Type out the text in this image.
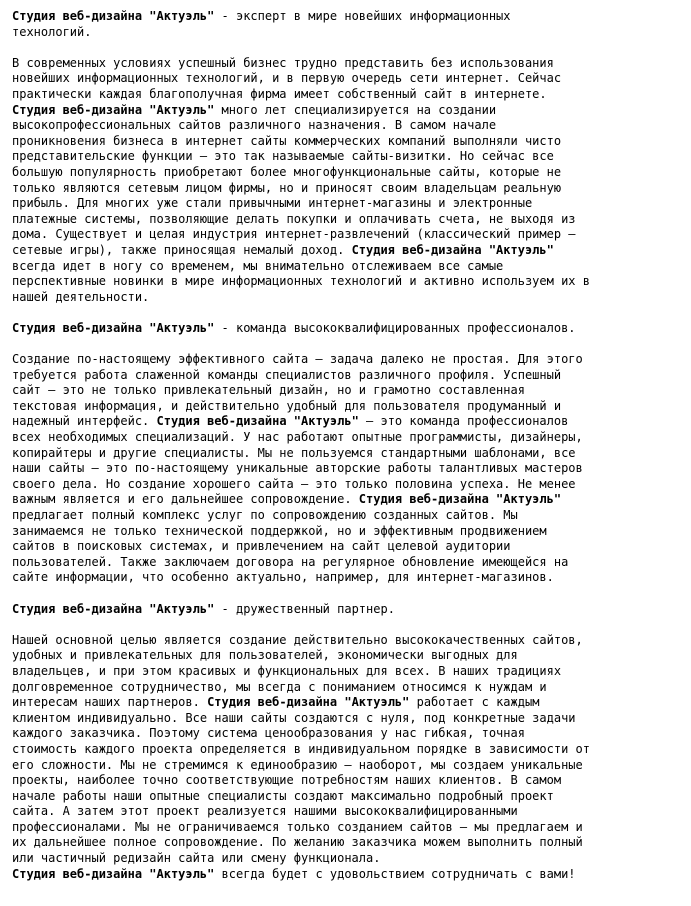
Студия веб-дизайна "Актуэль" - эксперт в мире новейших информационных
технологий.

В современных условиях успешный бизнес трудно представить без использования
новейших информационных технологий, и в первую очередь сети интернет. Сейчас
практически каждая благополучная фирма имеет собственный сайт в интернете.
Студия веб-дизайна "Актуэль" много лет специализируется на создании
высокопрофессиональных сайтов различного назначения. В самом начале
проникновения бизнеса в интернет сайты коммерческих компаний выполняли чисто
представительские функции — это так называемые сайты-визитки. Но сейчас все
большую популярность приобретают более многофункциональные сайты, которые не
только являются сетевым лицом фирмы, но и приносят своим владельцам реальную
прибыль. Для многих уже стали привычными интернет-магазины и электронные
платежные системы, позволяющие делать покупки и оплачивать счета, не выходя из
дома. Существует и целая индустрия интернет-развлечений (классический пример —
сетевые игры), также приносящая немалый доход. Студия веб-дизайна "Актуэль"
всегда идет в ногу со временем, мы внимательно отслеживаем все самые
перспективные новинки в мире информационных технологий и активно используем их в
нашей деятельности.

Студия веб-дизайна "Актуэль" - команда высококвалифицированных профессионалов.

Создание по-настоящему эффективного сайта — задача далеко не простая. Для этого
требуется работа слаженной команды специалистов различного профиля. Успешный
сайт — это не только привлекательный дизайн, но и грамотно составленная
текстовая информация, и действительно удобный для пользователя продуманный и
надежный интерфейс. Студия веб-дизайна "Актуэль" — это команда профессионалов
всех необходимых специализаций. У нас работают опытные программисты, дизайнеры,
копирайтеры и другие специалисты. Мы не пользуемся стандартными шаблонами, все
наши сайты — это по-настоящему уникальные авторские работы талантливых мастеров
своего дела. Но создание хорошего сайта — это только половина успеха. Не менее
важным является и его дальнейшее сопровождение. Студия веб-дизайна "Актуэль"
предлагает полный комплекс услуг по сопровождению созданных сайтов. Мы
занимаемся не только технической поддержкой, но и эффективным продвижением
сайтов в поисковых системах, и привлечением на сайт целевой аудитории
пользователей. Также заключаем договора на регулярное обновление имеющейся на
сайте информации, что особенно актуально, например, для интернет-магазинов.

Студия веб-дизайна "Актуэль" - дружественный партнер.

Нашей основной целью является создание действительно высококачественных сайтов,
удобных и привлекательных для пользователей, экономически выгодных для
владельцев, и при этом красивых и функциональных для всех. В наших традициях
долговременное сотрудничество, мы всегда с пониманием относимся к нуждам и
интересам наших партнеров. Студия веб-дизайна "Актуэль" работает с каждым
клиентом индивидуально. Все наши сайты создаются с нуля, под конкретные задачи
каждого заказчика. Поэтому система ценообразования у нас гибкая, точная
стоимость каждого проекта определяется в индивидуальном порядке в зависимости от
его сложности. Мы не стремимся к единообразию — наоборот, мы создаем уникальные
проекты, наиболее точно соответствующие потребностям наших клиентов. В самом
начале работы наши опытные специалисты создают максимально подробный проект
сайта. А затем этот проект реализуется нашими высококвалифицированными
профессионалами. Мы не ограничиваемся только созданием сайтов — мы предлагаем и
их дальнейшее полное сопровождение. По желанию заказчика можем выполнить полный
или частичный редизайн сайта или смену функционала.
Студия веб-дизайна "Актуэль" всегда будет с удовольствием сотрудничать с вами!
